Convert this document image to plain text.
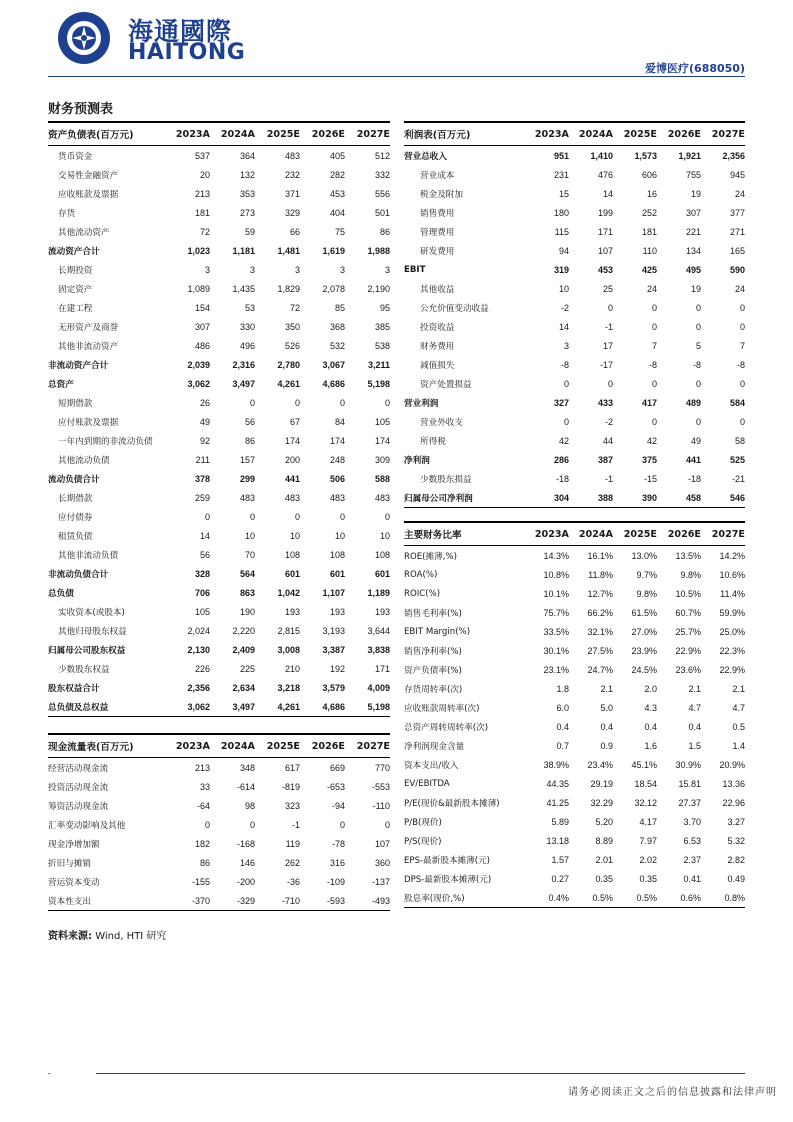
海通國際
HAITONG
爱博医疗(688050)
财务预测表
资产负债表(百万元)	2023A	2024A	2025E	2026E	2027E
货币资金	537	364	483	405	512
交易性金融资产	20	132	232	282	332
应收账款及票据	213	353	371	453	556
存货	181	273	329	404	501
其他流动资产	72	59	66	75	86
流动资产合计	1,023	1,181	1,481	1,619	1,988
长期投资	3	3	3	3	3
固定资产	1,089	1,435	1,829	2,078	2,190
在建工程	154	53	72	85	95
无形资产及商誉	307	330	350	368	385
其他非流动资产	486	496	526	532	538
非流动资产合计	2,039	2,316	2,780	3,067	3,211
总资产	3,062	3,497	4,261	4,686	5,198
短期借款	26	0	0	0	0
应付账款及票据	49	56	67	84	105
一年内到期的非流动负债	92	86	174	174	174
其他流动负债	211	157	200	248	309
流动负债合计	378	299	441	506	588
长期借款	259	483	483	483	483
应付债券	0	0	0	0	0
租赁负债	14	10	10	10	10
其他非流动负债	56	70	108	108	108
非流动负债合计	328	564	601	601	601
总负债	706	863	1,042	1,107	1,189
实收资本(或股本)	105	190	193	193	193
其他归母股东权益	2,024	2,220	2,815	3,193	3,644
归属母公司股东权益	2,130	2,409	3,008	3,387	3,838
少数股东权益	226	225	210	192	171
股东权益合计	2,356	2,634	3,218	3,579	4,009
总负债及总权益	3,062	3,497	4,261	4,686	5,198
现金流量表(百万元)	2023A	2024A	2025E	2026E	2027E
经营活动现金流	213	348	617	669	770
投资活动现金流	33	-614	-819	-653	-553
筹资活动现金流	-64	98	323	-94	-110
汇率变动影响及其他	0	0	-1	0	0
现金净增加额	182	-168	119	-78	107
折旧与摊销	86	146	262	316	360
营运资本变动	-155	-200	-36	-109	-137
资本性支出	-370	-329	-710	-593	-493
利润表(百万元)	2023A	2024A	2025E	2026E	2027E
营业总收入	951	1,410	1,573	1,921	2,356
营业成本	231	476	606	755	945
税金及附加	15	14	16	19	24
销售费用	180	199	252	307	377
管理费用	115	171	181	221	271
研发费用	94	107	110	134	165
EBIT	319	453	425	495	590
其他收益	10	25	24	19	24
公允价值变动收益	-2	0	0	0	0
投资收益	14	-1	0	0	0
财务费用	3	17	7	5	7
减值损失	-8	-17	-8	-8	-8
资产处置损益	0	0	0	0	0
营业利润	327	433	417	489	584
营业外收支	0	-2	0	0	0
所得税	42	44	42	49	58
净利润	286	387	375	441	525
少数股东损益	-18	-1	-15	-18	-21
归属母公司净利润	304	388	390	458	546
主要财务比率	2023A	2024A	2025E	2026E	2027E
ROE(摊薄,%)	14.3%	16.1%	13.0%	13.5%	14.2%
ROA(%)	10.8%	11.8%	9.7%	9.8%	10.6%
ROIC(%)	10.1%	12.7%	9.8%	10.5%	11.4%
销售毛利率(%)	75.7%	66.2%	61.5%	60.7%	59.9%
EBIT Margin(%)	33.5%	32.1%	27.0%	25.7%	25.0%
销售净利率(%)	30.1%	27.5%	23.9%	22.9%	22.3%
资产负债率(%)	23.1%	24.7%	24.5%	23.6%	22.9%
存货周转率(次)	1.8	2.1	2.0	2.1	2.1
应收账款周转率(次)	6.0	5.0	4.3	4.7	4.7
总资产周转周转率(次)	0.4	0.4	0.4	0.4	0.5
净利润现金含量	0.7	0.9	1.6	1.5	1.4
资本支出/收入	38.9%	23.4%	45.1%	30.9%	20.9%
EV/EBITDA	44.35	29.19	18.54	15.81	13.36
P/E(现价&最新股本摊薄)	41.25	32.29	32.12	27.37	22.96
P/B(现价)	5.89	5.20	4.17	3.70	3.27
P/S(现价)	13.18	8.89	7.97	6.53	5.32
EPS-最新股本摊薄(元)	1.57	2.01	2.02	2.37	2.82
DPS-最新股本摊薄(元)	0.27	0.35	0.35	0.41	0.49
股息率(现价,%)	0.4%	0.5%	0.5%	0.6%	0.8%
资料来源: Wind, HTI 研究
请务必阅读正文之后的信息披露和法律声明
